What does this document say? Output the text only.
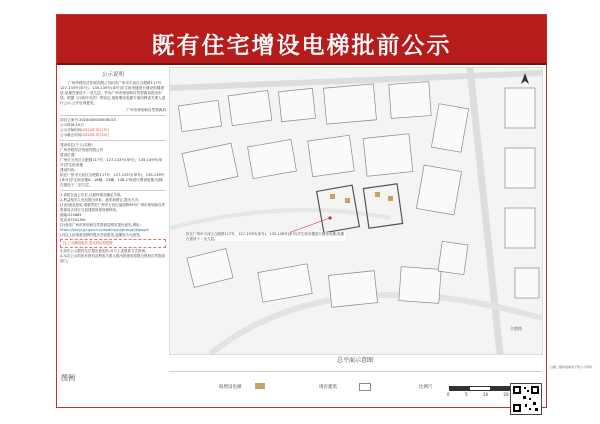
既有住宅增设电梯批前公示
公示说明
广州华联经济发展有限公司拟在广州市天河区合肥路117号、127-133号(单号)、135-139号(单号)学生宿舍楼进行增设电梯建设,电梯在建设于二至九层。并向广州市规划和自然资源局提出申请。根据《行政许可法》等规定,现将增设电梯方案向利害关系人进行公示,公开征询意见。
广州市规划和自然资源局
项目立案号:2024040000006153
公示时间:10天
公示开始时间:2024年3月15日
公示截止时间:2024年3月24日
建设单位(个人)名称:
广州华联经济发展有限公司
建设位置:
广州市天河区合肥路117号、127-133号(单号)、135-139号(单号)学生宿舍楼
建设内容:
拟在广州市天河区合肥路117号、127-133号(单号)、135-139号(单号)学生宿舍楼A、18幢、23幢、148-178进行增设电梯,电梯在建设于二至九层。
1.请贴在此公告栏,以最终情况确定为准。
2.利益相关人有权提出申诉、意见和建议,提出方式:
(1)信函及意见,请邮寄至广州市天河区福前路99号广州市规划和自然资源局天河区分局建筑规划管理科收。
邮编:510665
电话:87542361
(2)登录广州市规划和自然资源局网站提出意见,网址:
https://ghzyj.gz.gov.cn/ywpd/cxgh/ghxkgs/jb/page/
(3)以上征询意见期内提出书面意见,逾期视为无意见。
注:公示期结束后,若无异议将批准
3.如在公示期内无法提出意见的,可与上述联系方式咨询。
4.本次公示的所有资料及利害关系人提出的意见将提交规划自然资源部门。
拟在广州市天河区合肥路117号、127-133号(单号)、135-139号(单号)学生宿舍楼进行增设电梯,电梯在建设于二至九层。
合肥路
总平面示意图
图例
拟增设电梯	现有建筑	比例尺
0	5	10	20
扫描二维码查看电子版公示资料
